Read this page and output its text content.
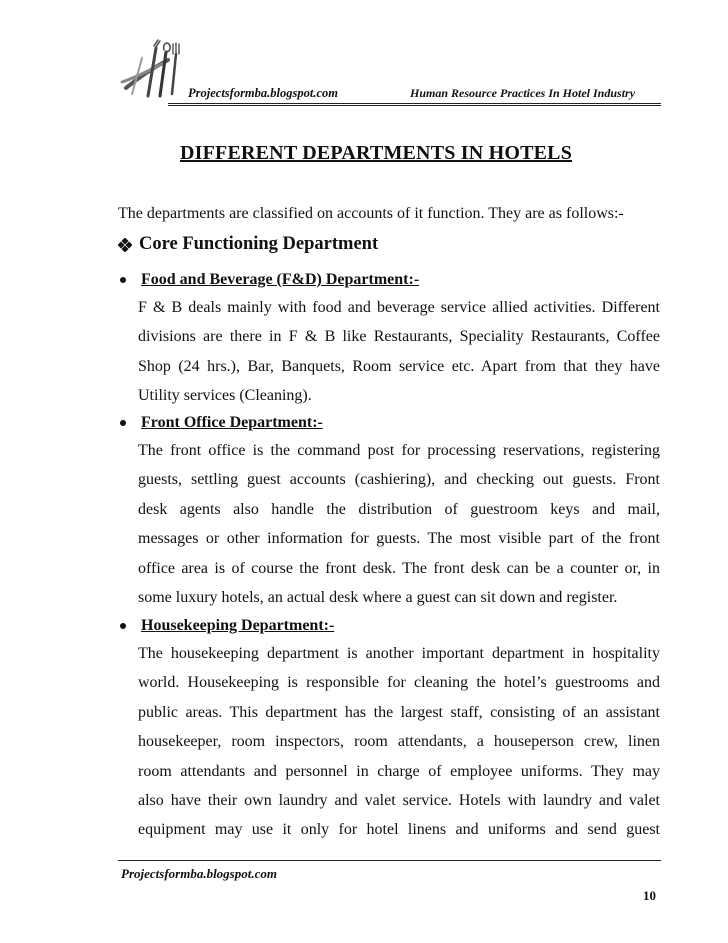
Projectsformba.blogspot.com	Human Resource Practices In Hotel Industry
DIFFERENT DEPARTMENTS IN HOTELS

The departments are classified on accounts of it function. They are as follows:-

Core Functioning Department
Food and Beverage (F&D) Department:-
F & B deals mainly with food and beverage service allied activities. Different
divisions are there in F & B like Restaurants, Speciality Restaurants, Coffee
Shop (24 hrs.), Bar, Banquets, Room service etc. Apart from that they have
Utility services (Cleaning).
Front Office Department:-
The front office is the command post for processing reservations, registering
guests, settling guest accounts (cashiering), and checking out guests. Front
desk agents also handle the distribution of guestroom keys and mail,
messages or other information for guests. The most visible part of the front
office area is of course the front desk. The front desk can be a counter or, in
some luxury hotels, an actual desk where a guest can sit down and register.
Housekeeping Department:-
The housekeeping department is another important department in hospitality
world. Housekeeping is responsible for cleaning the hotel’s guestrooms and
public areas. This department has the largest staff, consisting of an assistant
housekeeper, room inspectors, room attendants, a houseperson crew, linen
room attendants and personnel in charge of employee uniforms. They may
also have their own laundry and valet service. Hotels with laundry and valet
equipment may use it only for hotel linens and uniforms and send guest
Projectsformba.blogspot.com
10
